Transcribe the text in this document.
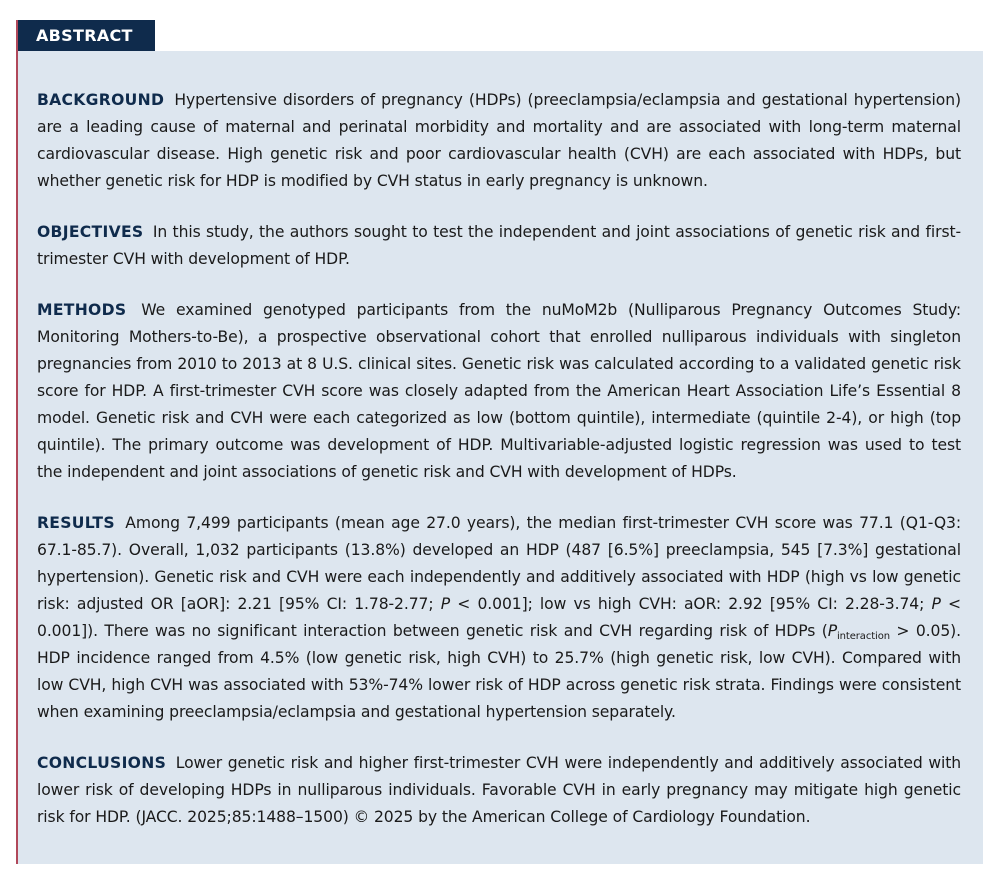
ABSTRACT

BACKGROUND Hypertensive disorders of pregnancy (HDPs) (preeclampsia/eclampsia and gestational hypertension) are a leading cause of maternal and perinatal morbidity and mortality and are associated with long-term maternal cardiovascular disease. High genetic risk and poor cardiovascular health (CVH) are each associated with HDPs, but whether genetic risk for HDP is modified by CVH status in early pregnancy is unknown.

OBJECTIVES In this study, the authors sought to test the independent and joint associations of genetic risk and first-trimester CVH with development of HDP.

METHODS We examined genotyped participants from the nuMoM2b (Nulliparous Pregnancy Outcomes Study: Monitoring Mothers-to-Be), a prospective observational cohort that enrolled nulliparous individuals with singleton pregnancies from 2010 to 2013 at 8 U.S. clinical sites. Genetic risk was calculated according to a validated genetic risk score for HDP. A first-trimester CVH score was closely adapted from the American Heart Association Life’s Essential 8 model. Genetic risk and CVH were each categorized as low (bottom quintile), intermediate (quintile 2-4), or high (top quintile). The primary outcome was development of HDP. Multivariable-adjusted logistic regression was used to test the independent and joint associations of genetic risk and CVH with development of HDPs.

RESULTS Among 7,499 participants (mean age 27.0 years), the median first-trimester CVH score was 77.1 (Q1-Q3: 67.1-85.7). Overall, 1,032 participants (13.8%) developed an HDP (487 [6.5%] preeclampsia, 545 [7.3%] gestational hypertension). Genetic risk and CVH were each independently and additively associated with HDP (high vs low genetic risk: adjusted OR [aOR]: 2.21 [95% CI: 1.78-2.77; P < 0.001]; low vs high CVH: aOR: 2.92 [95% CI: 2.28-3.74; P < 0.001]). There was no significant interaction between genetic risk and CVH regarding risk of HDPs $(P_{interaction} > 0.05)$. HDP incidence ranged from 4.5% (low genetic risk, high CVH) to 25.7% (high genetic risk, low CVH). Compared with low CVH, high CVH was associated with 53%-74% lower risk of HDP across genetic risk strata. Findings were consistent when examining preeclampsia/eclampsia and gestational hypertension separately.

CONCLUSIONS Lower genetic risk and higher first-trimester CVH were independently and additively associated with lower risk of developing HDPs in nulliparous individuals. Favorable CVH in early pregnancy may mitigate high genetic risk for HDP. (JACC. 2025;85:1488–1500) © 2025 by the American College of Cardiology Foundation.
